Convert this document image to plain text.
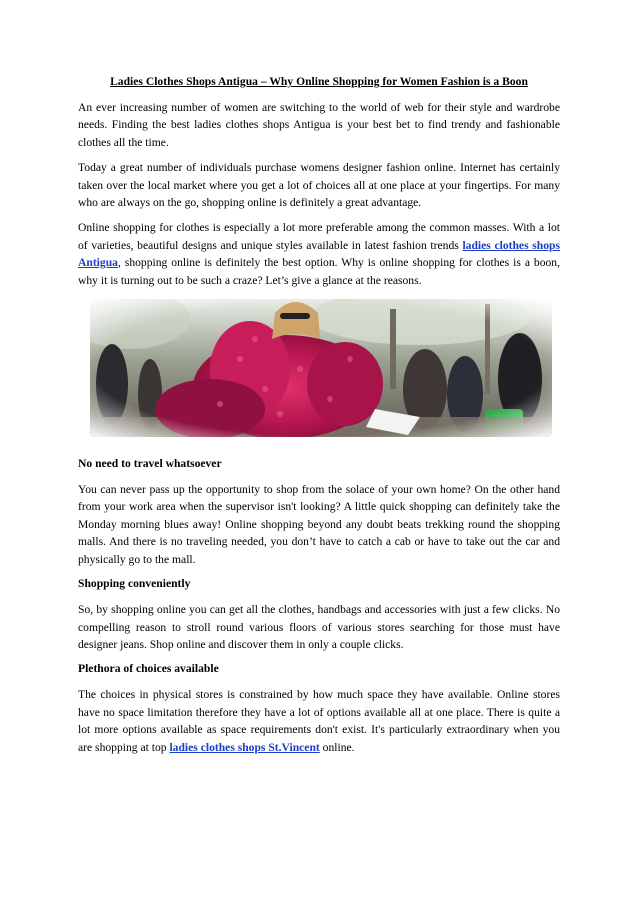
Ladies Clothes Shops Antigua – Why Online Shopping for Women Fashion is a Boon

An ever increasing number of women are switching to the world of web for their style and wardrobe needs. Finding the best ladies clothes shops Antigua is your best bet to find trendy and fashionable clothes all the time.

Today a great number of individuals purchase womens designer fashion online. Internet has certainly taken over the local market where you get a lot of choices all at one place at your fingertips. For many who are always on the go, shopping online is definitely a great advantage.

Online shopping for clothes is especially a lot more preferable among the common masses. With a lot of varieties, beautiful designs and unique styles available in latest fashion trends ladies clothes shops Antigua, shopping online is definitely the best option. Why is online shopping for clothes is a boon, why it is turning out to be such a craze? Let’s give a glance at the reasons.

No need to travel whatsoever

You can never pass up the opportunity to shop from the solace of your own home? On the other hand from your work area when the supervisor isn't looking? A little quick shopping can definitely take the Monday morning blues away! Online shopping beyond any doubt beats trekking round the shopping malls. And there is no traveling needed, you don’t have to catch a cab or have to take out the car and physically go to the mall.

Shopping conveniently

So, by shopping online you can get all the clothes, handbags and accessories with just a few clicks. No compelling reason to stroll round various floors of various stores searching for those must have designer jeans. Shop online and discover them in only a couple clicks.

Plethora of choices available

The choices in physical stores is constrained by how much space they have available. Online stores have no space limitation therefore they have a lot of options available all at one place. There is quite a lot more options available as space requirements don't exist. It's particularly extraordinary when you are shopping at top ladies clothes shops St.Vincent online.
